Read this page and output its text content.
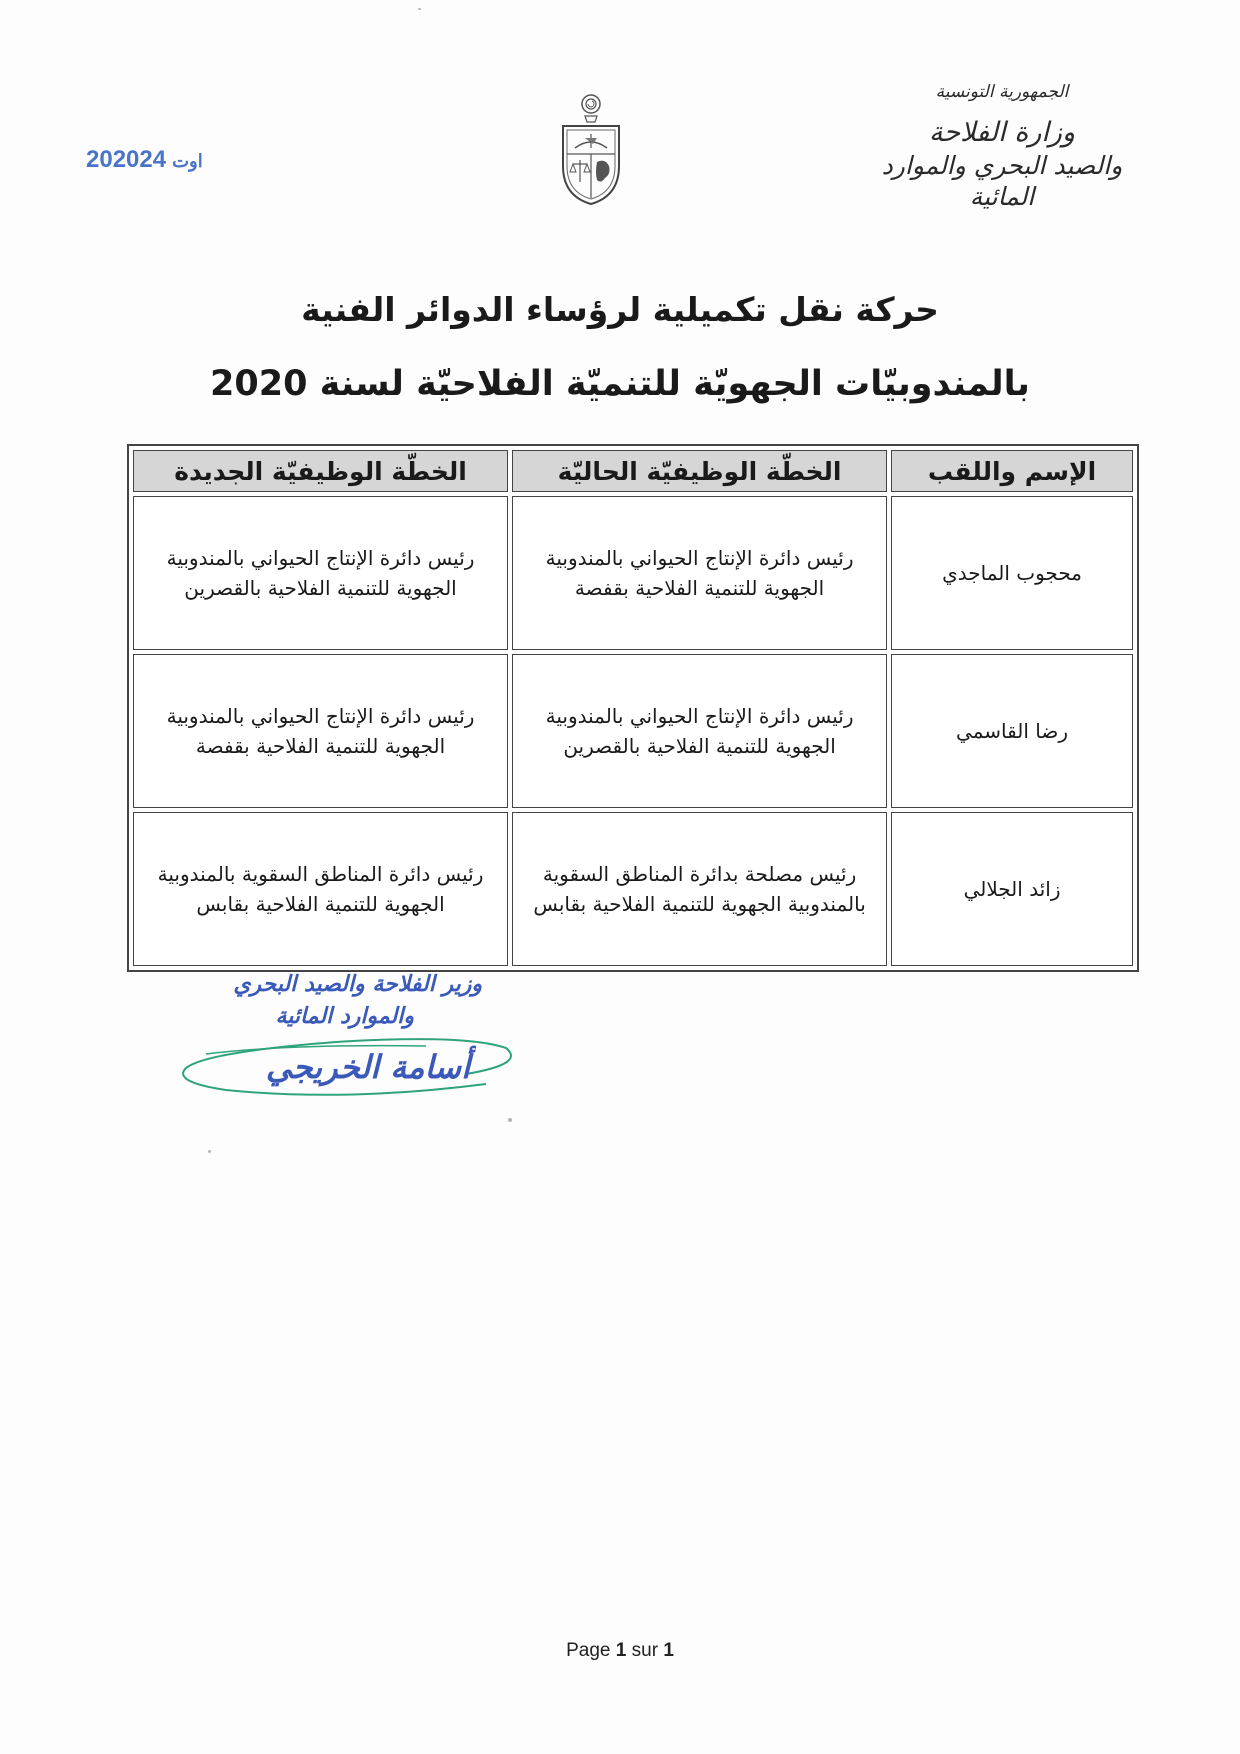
الجمهورية التونسية
وزارة الفلاحة
والصيد البحري والموارد المائية
2020 اوت24
حركة نقل تكميلية لرؤساء الدوائر الفنية
بالمندوبيّات الجهويّة للتنميّة الفلاحيّة لسنة 2020
الإسم واللقب	الخطّة الوظيفيّة الحاليّة	الخطّة الوظيفيّة الجديدة
محجوب الماجدي	رئيس دائرة الإنتاج الحيواني بالمندوبية الجهوية للتنمية الفلاحية بقفصة	رئيس دائرة الإنتاج الحيواني بالمندوبية الجهوية للتنمية الفلاحية بالقصرين
رضا القاسمي	رئيس دائرة الإنتاج الحيواني بالمندوبية الجهوية للتنمية الفلاحية بالقصرين	رئيس دائرة الإنتاج الحيواني بالمندوبية الجهوية للتنمية الفلاحية بقفصة
زائد الجلالي	رئيس مصلحة بدائرة المناطق السقوية بالمندوبية الجهوية للتنمية الفلاحية بقابس	رئيس دائرة المناطق السقوية بالمندوبية الجهوية للتنمية الفلاحية بقابس
وزير الفلاحة والصيد البحري
والموارد المائية
أسامة الخريجي
Page 1 sur 1
